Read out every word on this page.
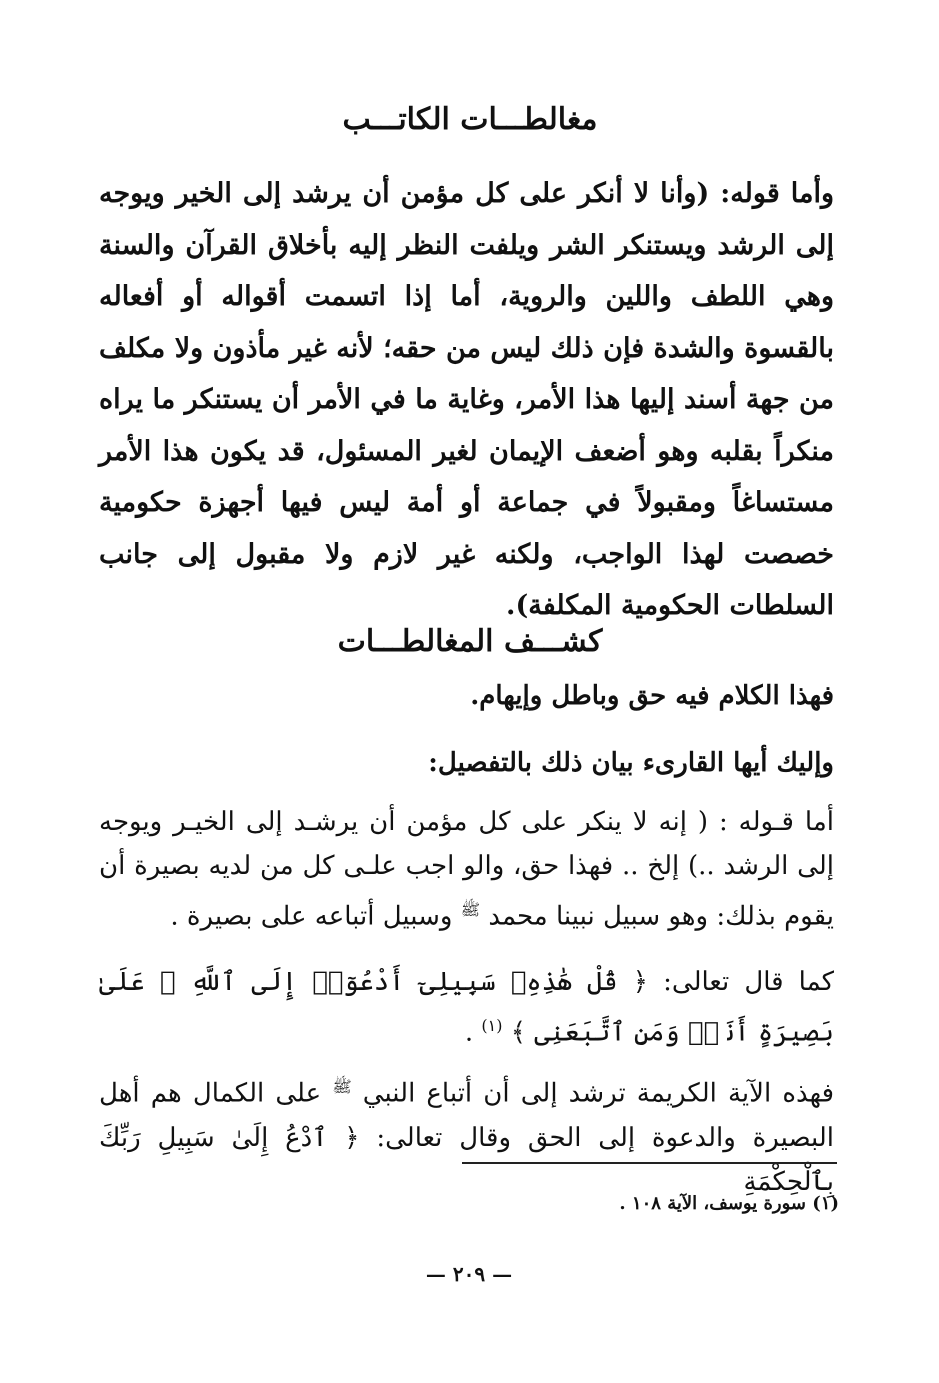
مغالطـــات الكاتـــب
وأما قوله: (وأنا لا أنكر على كل مؤمن أن يرشد إلى الخير ويوجه إلى الرشد ويستنكر الشر ويلفت النظر إليه بأخلاق القرآن والسنة وهي اللطف واللين والروية، أما إذا اتسمت أقواله أو أفعاله بالقسوة والشدة فإن ذلك ليس من حقه؛ لأنه غير مأذون ولا مكلف من جهة أسند إليها هذا الأمر، وغاية ما في الأمر أن يستنكر ما يراه منكراً بقلبه وهو أضعف الإيمان لغير المسئول، قد يكون هذا الأمر مستساغاً ومقبولاً في جماعة أو أمة ليس فيها أجهزة حكومية خصصت لهذا الواجب، ولكنه غير لازم ولا مقبول إلى جانب السلطات الحكومية المكلفة).
كشـــف المغالطـــات
فهذا الكلام فيه حق وباطل وإيهام.
وإليك أيها القارىء بيان ذلك بالتفصيل:
أما قـوله : ( إنه لا ينكر على كل مؤمن أن يرشـد إلى الخيـر ويوجه إلى الرشد ..) إلخ .. فهذا حق، والو اجب علـى كل من لديه بصيرة أن يقوم بذلك: وهو سبيل نبينا محمد $^ﷺ$ وسبيل أتباعه على بصيرة .
كما قال تعالى: ﴿ قُلْ هَٰذِهِۦ سَبِيلِىٓ أَدْعُوٓا۟ إِلَى ٱللَّهِ ۚ عَلَىٰ بَصِيرَةٍ أَنَا۠ وَمَنِ ٱتَّبَعَنِى ﴾ $^{(١)}$ .
فهذه الآية الكريمة ترشد إلى أن أتباع النبي $^ﷺ$ على الكمال هم أهل البصيرة والدعوة إلى الحق وقال تعالى: ﴿ ٱدْعُ إِلَىٰ سَبِيلِ رَبِّكَ بِٱلْحِكْمَةِ
(١) سورة يوسف، الآية ١٠٨ .
— ٢٠٩ —
